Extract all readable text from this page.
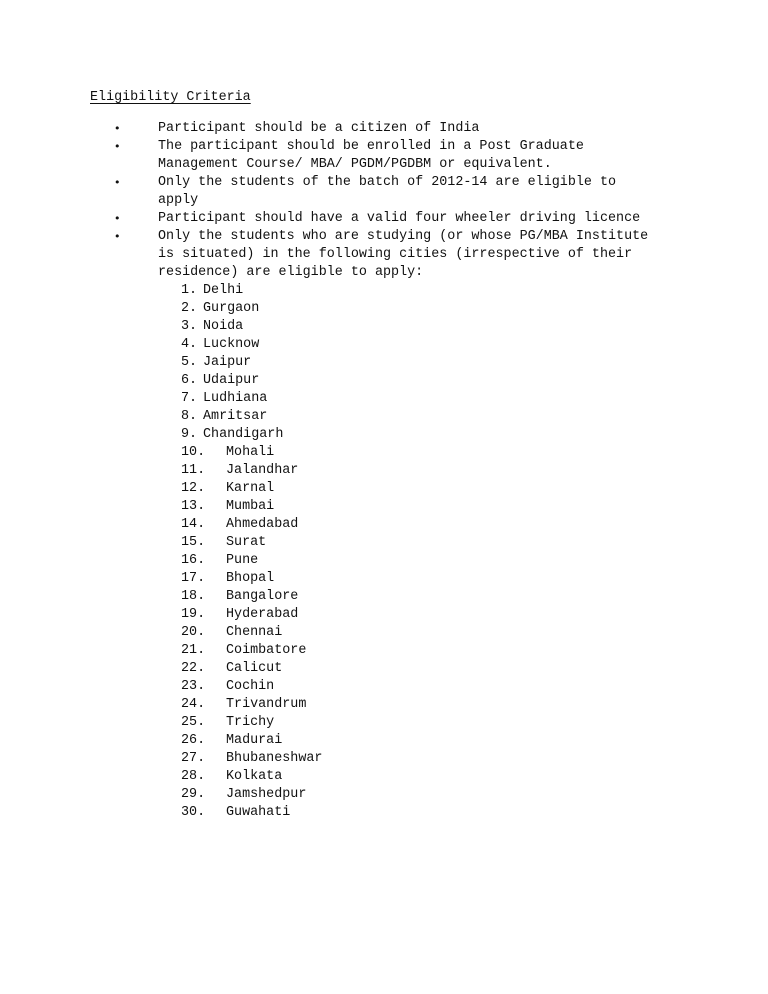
Eligibility Criteria
•	Participant should be a citizen of India
•	The participant should be enrolled in a Post Graduate
Management Course/ MBA/ PGDM/PGDBM or equivalent.
•	Only the students of the batch of 2012-14 are eligible to
apply
•	Participant should have a valid four wheeler driving licence
•	Only the students who are studying (or whose PG/MBA Institute
is situated) in the following cities (irrespective of their
residence) are eligible to apply:
1. Delhi
2. Gurgaon
3. Noida
4. Lucknow
5. Jaipur
6. Udaipur
7. Ludhiana
8. Amritsar
9. Chandigarh
10. Mohali
11. Jalandhar
12. Karnal
13. Mumbai
14. Ahmedabad
15. Surat
16. Pune
17. Bhopal
18. Bangalore
19. Hyderabad
20. Chennai
21. Coimbatore
22. Calicut
23. Cochin
24. Trivandrum
25. Trichy
26. Madurai
27. Bhubaneshwar
28. Kolkata
29. Jamshedpur
30. Guwahati
